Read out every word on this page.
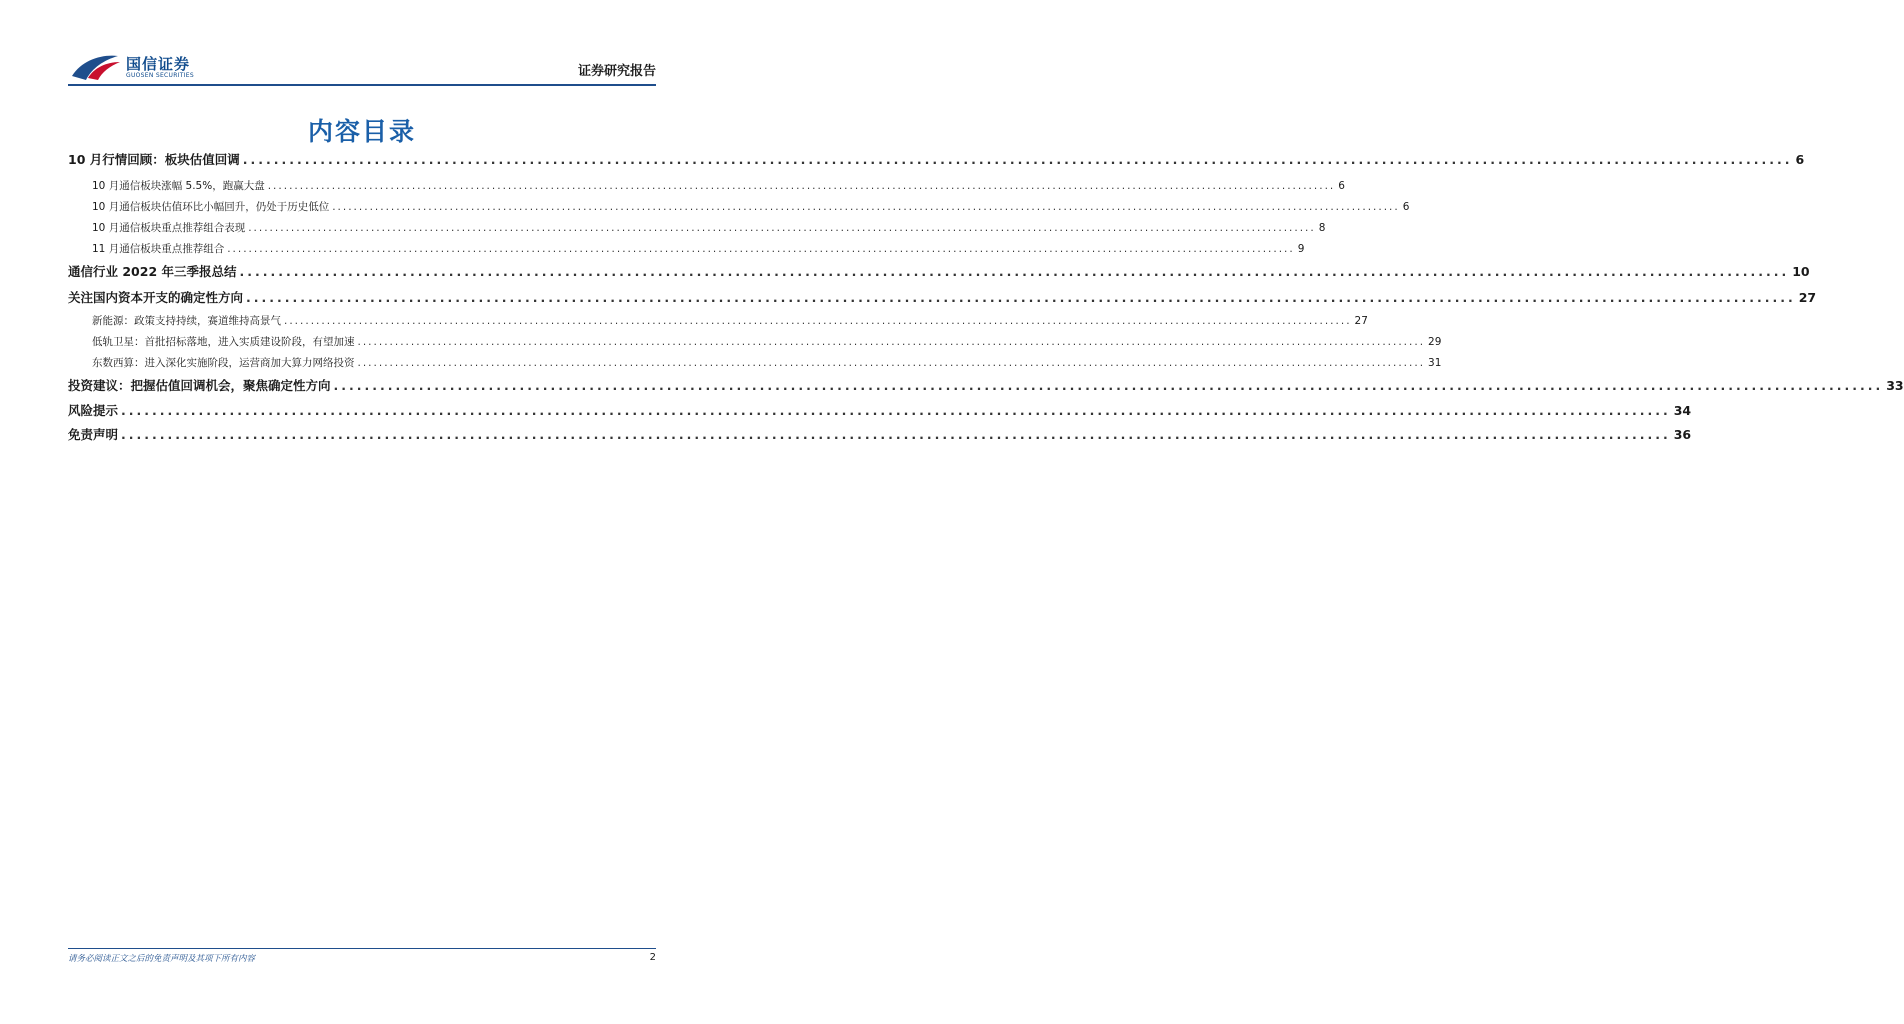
国信证券
GUOSEN SECURITIES	证券研究报告
内容目录
10 月行情回顾：板块估值回调 ........................................................................................................................................................................................................ 6
10 月通信板块涨幅 5.5%，跑赢大盘 ........................................................................................................................................................................................................ 6
10 月通信板块估值环比小幅回升，仍处于历史低位 ........................................................................................................................................................................................................ 6
10 月通信板块重点推荐组合表现 ........................................................................................................................................................................................................ 8
11 月通信板块重点推荐组合 ........................................................................................................................................................................................................ 9
通信行业 2022 年三季报总结 ........................................................................................................................................................................................................ 10
关注国内资本开支的确定性方向 ........................................................................................................................................................................................................ 27
新能源：政策支持持续，赛道维持高景气 ........................................................................................................................................................................................................ 27
低轨卫星：首批招标落地，进入实质建设阶段，有望加速 ........................................................................................................................................................................................................ 29
东数西算：进入深化实施阶段，运营商加大算力网络投资 ........................................................................................................................................................................................................ 31
投资建议：把握估值回调机会，聚焦确定性方向 ........................................................................................................................................................................................................ 33
风险提示 ........................................................................................................................................................................................................ 34
免责声明 ........................................................................................................................................................................................................ 36
请务必阅读正文之后的免责声明及其项下所有内容	2
